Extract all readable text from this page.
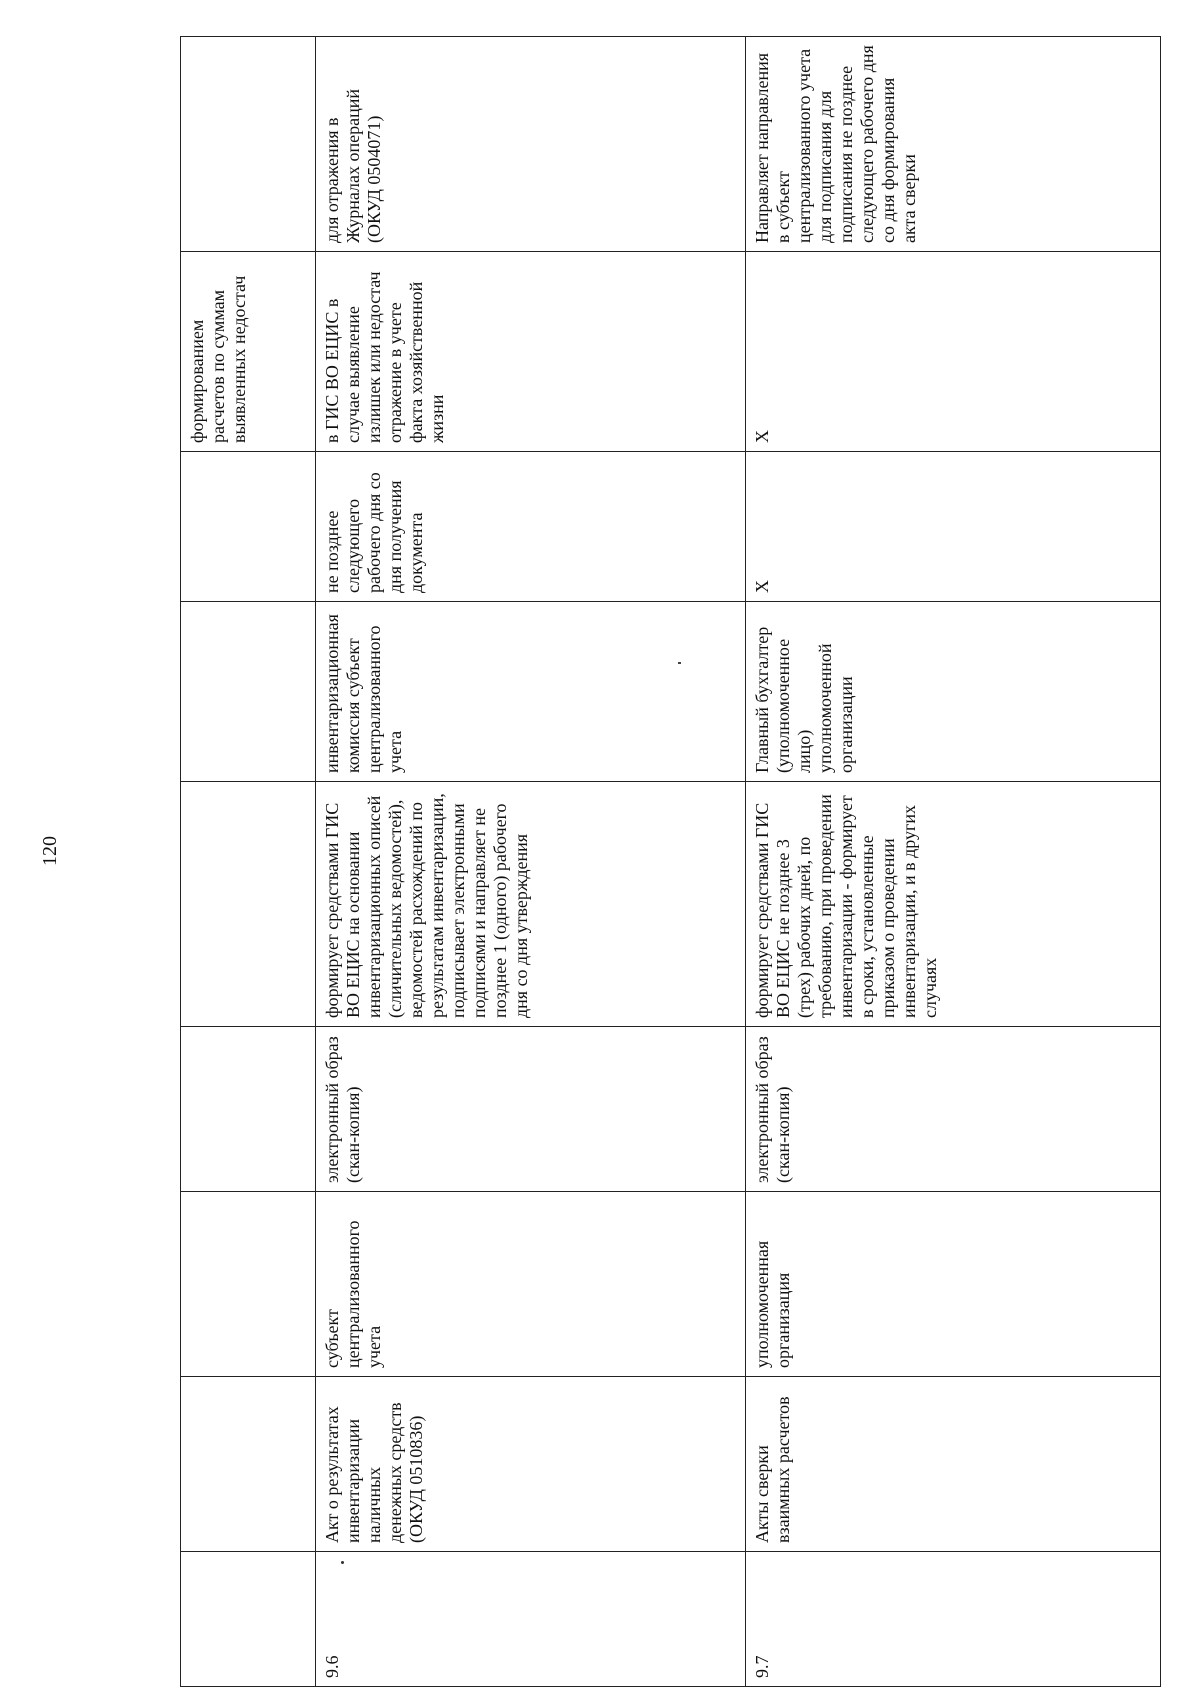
120

							формированием расчетов по суммам выявленных недостач	

9.6	Акт о результатах инвентаризации наличных денежных средств (ОКУД 0510836)	субъект централизованного учета	электронный образ (скан-копия)	формирует средствами ГИС ВО ЕЦИС на основании инвентаризационных описей (сличительных ведомостей), ведомостей расхождений по результатам инвентаризации, подписывает электронными подписями и направляет не позднее 1 (одного) рабочего дня со дня утверждения	инвентаризационная комиссия субъект централизованного учета	не позднее следующего рабочего дня со дня получения документа	в ГИС ВО ЕЦИС в случае выявление излишек или недостач отражение в учете факта хозяйственной жизни	для отражения в Журналах операций (ОКУД 0504071)

9.7	Акты сверки взаимных расчетов	уполномоченная организация	электронный образ (скан-копия)	формирует средствами ГИС ВО ЕЦИС не позднее 3 (трех) рабочих дней, по требованию, при проведении инвентаризации - формирует в сроки, установленные приказом о проведении инвентаризации, и в других случаях	Главный бухгалтер (уполномоченное лицо) уполномоченной организации	X	X	Направляет направления в субъект централизованного учета для подписания для подписания не позднее следующего рабочего дня со дня формирования акта сверки
